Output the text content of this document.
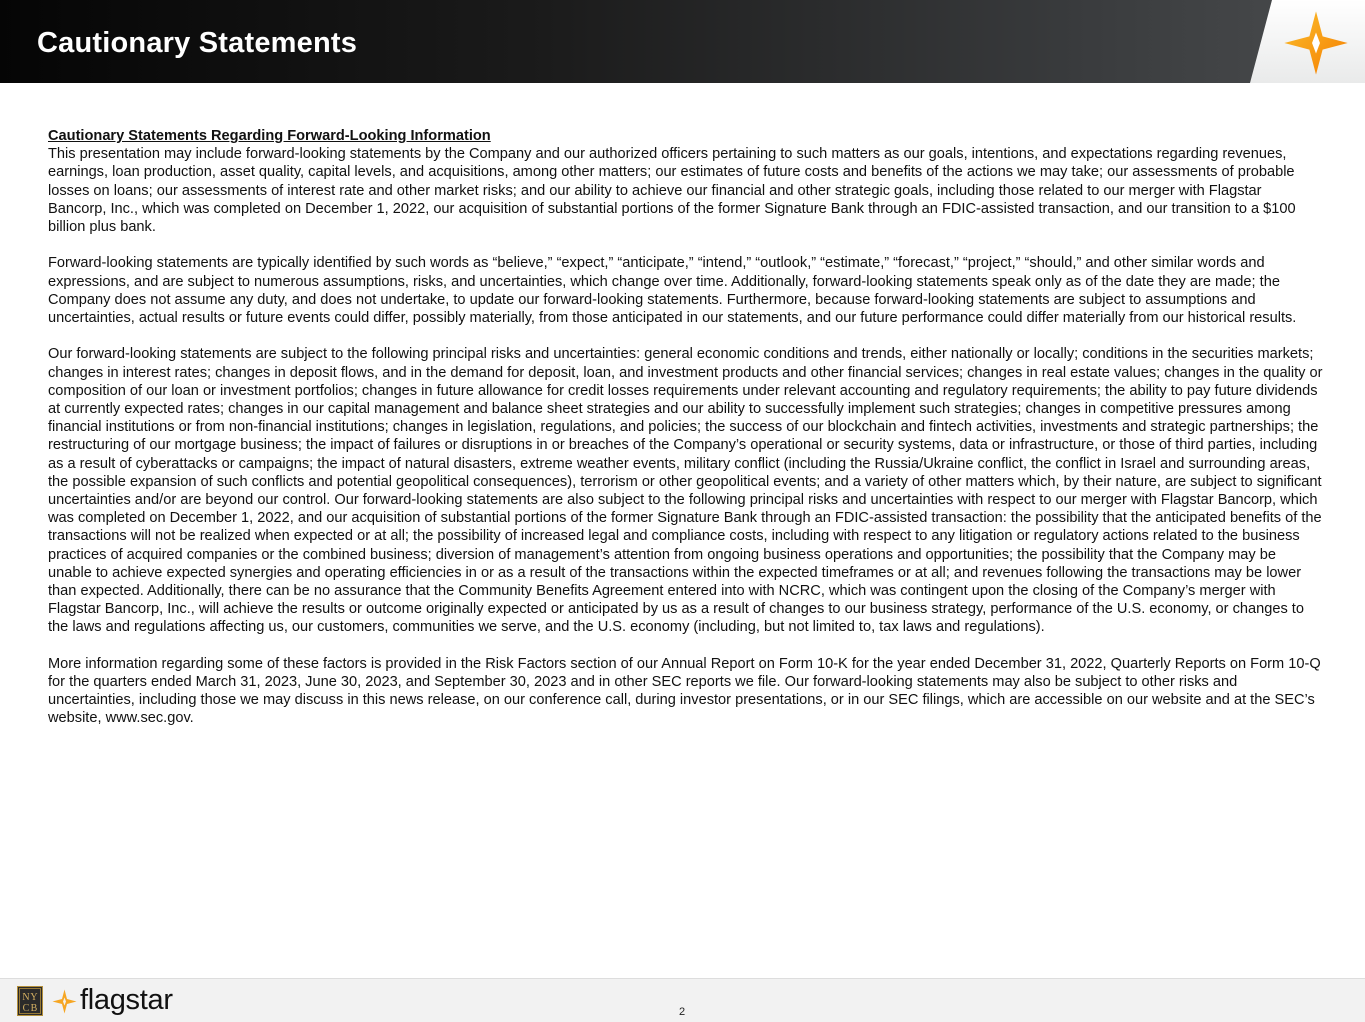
Cautionary Statements

Cautionary Statements Regarding Forward-Looking Information

This presentation may include forward-looking statements by the Company and our authorized officers pertaining to such matters as our goals, intentions, and expectations regarding revenues, earnings, loan production, asset quality, capital levels, and acquisitions, among other matters; our estimates of future costs and benefits of the actions we may take; our assessments of probable losses on loans; our assessments of interest rate and other market risks; and our ability to achieve our financial and other strategic goals, including those related to our merger with Flagstar Bancorp, Inc., which was completed on December 1, 2022, our acquisition of substantial portions of the former Signature Bank through an FDIC-assisted transaction, and our transition to a $100 billion plus bank.

Forward-looking statements are typically identified by such words as “believe,” “expect,” “anticipate,” “intend,” “outlook,” “estimate,” “forecast,” “project,” “should,” and other similar words and expressions, and are subject to numerous assumptions, risks, and uncertainties, which change over time. Additionally, forward-looking statements speak only as of the date they are made; the Company does not assume any duty, and does not undertake, to update our forward-looking statements. Furthermore, because forward-looking statements are subject to assumptions and uncertainties, actual results or future events could differ, possibly materially, from those anticipated in our statements, and our future performance could differ materially from our historical results.

Our forward-looking statements are subject to the following principal risks and uncertainties: general economic conditions and trends, either nationally or locally; conditions in the securities markets; changes in interest rates; changes in deposit flows, and in the demand for deposit, loan, and investment products and other financial services; changes in real estate values; changes in the quality or composition of our loan or investment portfolios; changes in future allowance for credit losses requirements under relevant accounting and regulatory requirements; the ability to pay future dividends at currently expected rates; changes in our capital management and balance sheet strategies and our ability to successfully implement such strategies; changes in competitive pressures among financial institutions or from non-financial institutions; changes in legislation, regulations, and policies; the success of our blockchain and fintech activities, investments and strategic partnerships; the restructuring of our mortgage business; the impact of failures or disruptions in or breaches of the Company’s operational or security systems, data or infrastructure, or those of third parties, including as a result of cyberattacks or campaigns; the impact of natural disasters, extreme weather events, military conflict (including the Russia/Ukraine conflict, the conflict in Israel and surrounding areas, the possible expansion of such conflicts and potential geopolitical consequences), terrorism or other geopolitical events; and a variety of other matters which, by their nature, are subject to significant uncertainties and/or are beyond our control. Our forward-looking statements are also subject to the following principal risks and uncertainties with respect to our merger with Flagstar Bancorp, which was completed on December 1, 2022, and our acquisition of substantial portions of the former Signature Bank through an FDIC-assisted transaction: the possibility that the anticipated benefits of the transactions will not be realized when expected or at all; the possibility of increased legal and compliance costs, including with respect to any litigation or regulatory actions related to the business practices of acquired companies or the combined business; diversion of management’s attention from ongoing business operations and opportunities; the possibility that the Company may be unable to achieve expected synergies and operating efficiencies in or as a result of the transactions within the expected timeframes or at all; and revenues following the transactions may be lower than expected. Additionally, there can be no assurance that the Community Benefits Agreement entered into with NCRC, which was contingent upon the closing of the Company’s merger with Flagstar Bancorp, Inc., will achieve the results or outcome originally expected or anticipated by us as a result of changes to our business strategy, performance of the U.S. economy, or changes to the laws and regulations affecting us, our customers, communities we serve, and the U.S. economy (including, but not limited to, tax laws and regulations).

More information regarding some of these factors is provided in the Risk Factors section of our Annual Report on Form 10-K for the year ended December 31, 2022, Quarterly Reports on Form 10-Q for the quarters ended March 31, 2023, June 30, 2023, and September 30, 2023 and in other SEC reports we file. Our forward-looking statements may also be subject to other risks and uncertainties, including those we may discuss in this news release, on our conference call, during investor presentations, or in our SEC filings, which are accessible on our website and at the SEC’s website, www.sec.gov.

N Y
C B flagstar	2
